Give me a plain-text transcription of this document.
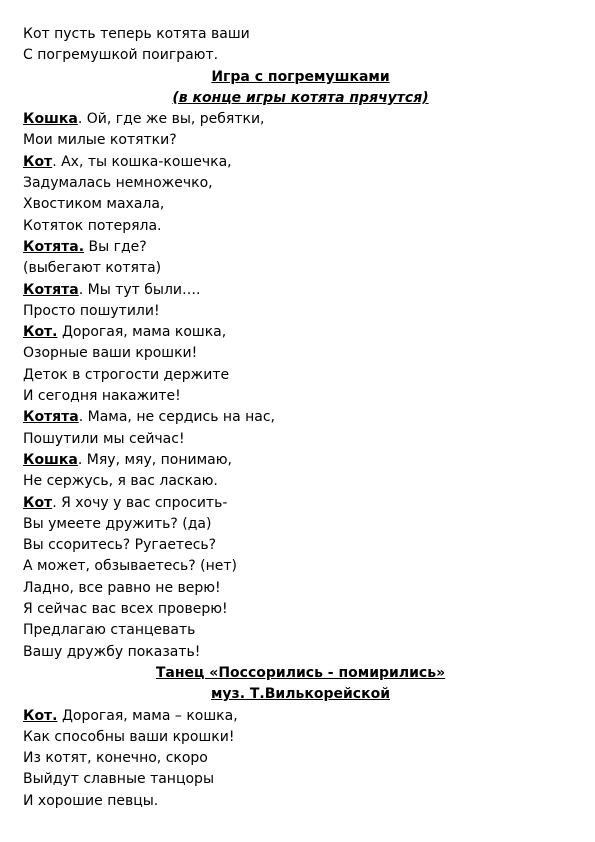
Кот пусть теперь котята ваши
С погремушкой поиграют.
Игра с погремушками
(в конце игры котята прячутся)
Кошка. Ой, где же вы, ребятки,
Мои милые котятки?
Кот. Ах, ты кошка-кошечка,
Задумалась немножечко,
Хвостиком махала,
Котяток потеряла.
Котята. Вы где?
(выбегают котята)
Котята. Мы тут были….
Просто пошутили!
Кот. Дорогая, мама кошка,
Озорные ваши крошки!
Деток в строгости держите
И сегодня накажите!
Котята. Мама, не сердись на нас,
Пошутили мы сейчас!
Кошка. Мяу, мяу, понимаю,
Не сержусь, я вас ласкаю.
Кот. Я хочу у вас спросить-
Вы умеете дружить? (да)
Вы ссоритесь? Ругаетесь?
А может, обзываетесь? (нет)
Ладно, все равно не верю!
Я сейчас вас всех проверю!
Предлагаю станцевать
Вашу дружбу показать!
Танец «Поссорились - помирились»
муз. Т.Вилькорейской
Кот. Дорогая, мама – кошка,
Как способны ваши крошки!
Из котят, конечно, скоро
Выйдут славные танцоры
И хорошие певцы.
